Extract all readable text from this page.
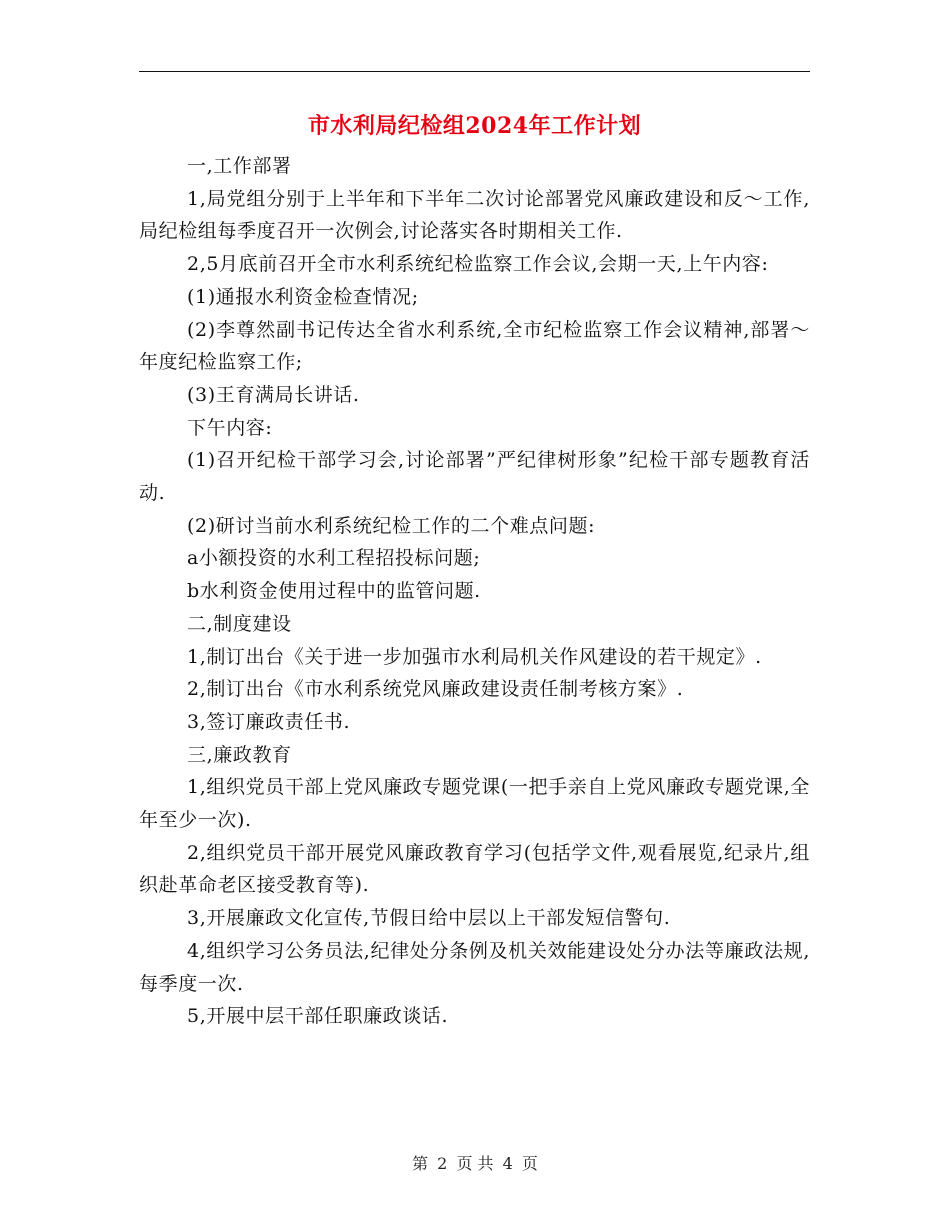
市水利局纪检组2024年工作计划

一,工作部署

1,局党组分别于上半年和下半年二次讨论部署党风廉政建设和反～工作,局纪检组每季度召开一次例会,讨论落实各时期相关工作.

2,5月底前召开全市水利系统纪检监察工作会议,会期一天,上午内容:

(1)通报水利资金检查情况;

(2)李尊然副书记传达全省水利系统,全市纪检监察工作会议精神,部署～年度纪检监察工作;

(3)王育满局长讲话.

下午内容:

(1)召开纪检干部学习会,讨论部署”严纪律树形象”纪检干部专题教育活动.

(2)研讨当前水利系统纪检工作的二个难点问题:

a小额投资的水利工程招投标问题;

b水利资金使用过程中的监管问题.

二,制度建设

1,制订出台《关于进一步加强市水利局机关作风建设的若干规定》.

2,制订出台《市水利系统党风廉政建设责任制考核方案》.

3,签订廉政责任书.

三,廉政教育

1,组织党员干部上党风廉政专题党课(一把手亲自上党风廉政专题党课,全年至少一次).

2,组织党员干部开展党风廉政教育学习(包括学文件,观看展览,纪录片,组织赴革命老区接受教育等).

3,开展廉政文化宣传,节假日给中层以上干部发短信警句.

4,组织学习公务员法,纪律处分条例及机关效能建设处分办法等廉政法规,每季度一次.

5,开展中层干部任职廉政谈话.

第 2 页 共 4 页
